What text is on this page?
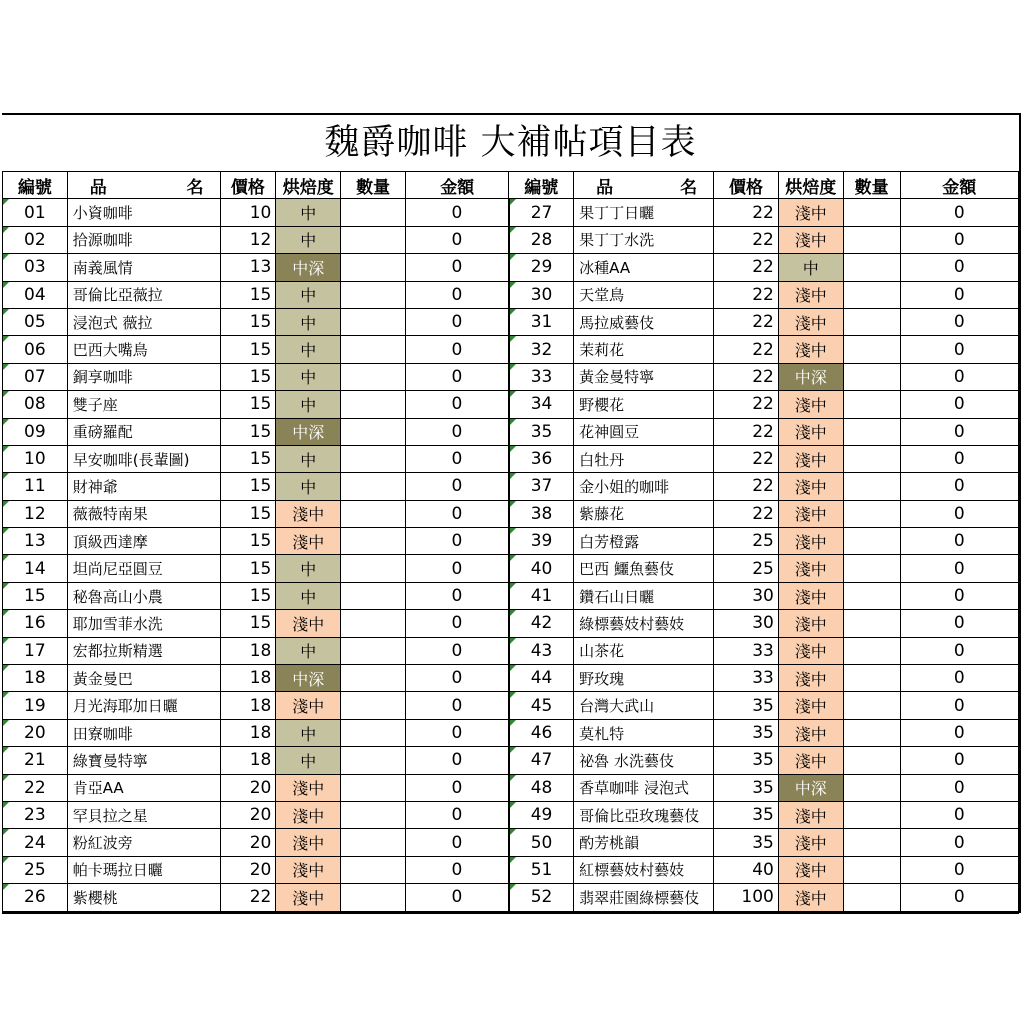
魏爵咖啡 大補帖項目表
編號	品 名	價格	烘焙度	數量	金額	編號	品 名	價格	烘焙度	數量	金額
01	小資咖啡	10	中		0	27	果丁丁日曬	22	淺中		0
02	拾源咖啡	12	中		0	28	果丁丁水洗	22	淺中		0
03	南義風情	13	中深		0	29	冰種AA	22	中		0
04	哥倫比亞薇拉	15	中		0	30	天堂鳥	22	淺中		0
05	浸泡式 薇拉	15	中		0	31	馬拉威藝伎	22	淺中		0
06	巴西大嘴鳥	15	中		0	32	茉莉花	22	淺中		0
07	銅享咖啡	15	中		0	33	黃金曼特寧	22	中深		0
08	雙子座	15	中		0	34	野櫻花	22	淺中		0
09	重磅羅配	15	中深		0	35	花神圓豆	22	淺中		0
10	早安咖啡(長輩圖)	15	中		0	36	白牡丹	22	淺中		0
11	財神爺	15	中		0	37	金小姐的咖啡	22	淺中		0
12	薇薇特南果	15	淺中		0	38	紫藤花	22	淺中		0
13	頂級西達摩	15	淺中		0	39	白芳橙露	25	淺中		0
14	坦尚尼亞圓豆	15	中		0	40	巴西 鱷魚藝伎	25	淺中		0
15	秘魯高山小農	15	中		0	41	鑽石山日曬	30	淺中		0
16	耶加雪菲水洗	15	淺中		0	42	綠標藝妓村藝妓	30	淺中		0
17	宏都拉斯精選	18	中		0	43	山茶花	33	淺中		0
18	黃金曼巴	18	中深		0	44	野玫瑰	33	淺中		0
19	月光海耶加日曬	18	淺中		0	45	台灣大武山	35	淺中		0
20	田寮咖啡	18	中		0	46	莫札特	35	淺中		0
21	綠寶曼特寧	18	中		0	47	祕魯 水洗藝伎	35	淺中		0
22	肯亞AA	20	淺中		0	48	香草咖啡 浸泡式	35	中深		0
23	罕貝拉之星	20	淺中		0	49	哥倫比亞玫瑰藝伎	35	淺中		0
24	粉紅波旁	20	淺中		0	50	酌芳桃韻	35	淺中		0
25	帕卡瑪拉日曬	20	淺中		0	51	紅標藝妓村藝妓	40	淺中		0
26	紫櫻桃	22	淺中		0	52	翡翠莊園綠標藝伎	100	淺中		0
